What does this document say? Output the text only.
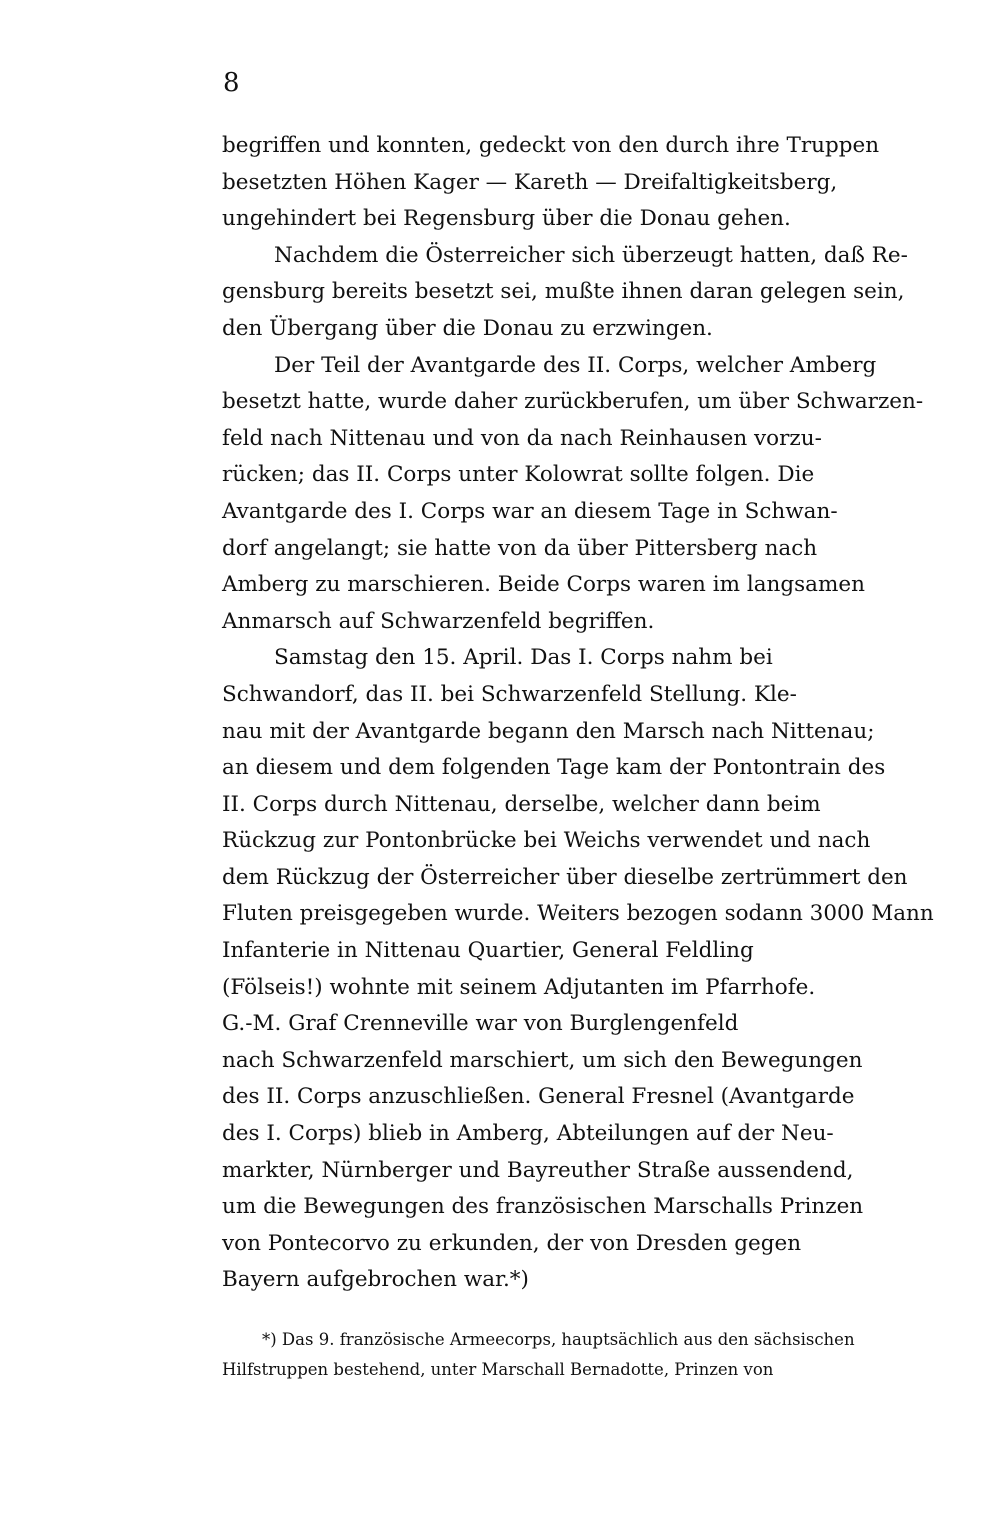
8
begriffen und konnten, gedeckt von den durch ihre Truppen
besetzten Höhen Kager — Kareth — Dreifaltigkeitsberg,
ungehindert bei Regensburg über die Donau gehen.
Nachdem die Österreicher sich überzeugt hatten, daß Re-
gensburg bereits besetzt sei, mußte ihnen daran gelegen sein,
den Übergang über die Donau zu erzwingen.
Der Teil der Avantgarde des II. Corps, welcher Amberg
besetzt hatte, wurde daher zurückberufen, um über Schwarzen-
feld nach Nittenau und von da nach Reinhausen vorzu-
rücken; das II. Corps unter Kolowrat sollte folgen. Die
Avantgarde des I. Corps war an diesem Tage in Schwan-
dorf angelangt; sie hatte von da über Pittersberg nach
Amberg zu marschieren. Beide Corps waren im langsamen
Anmarsch auf Schwarzenfeld begriffen.
Samstag den 15. April. Das I. Corps nahm bei
Schwandorf, das II. bei Schwarzenfeld Stellung. Kle-
nau mit der Avantgarde begann den Marsch nach Nittenau;
an diesem und dem folgenden Tage kam der Pontontrain des
II. Corps durch Nittenau, derselbe, welcher dann beim
Rückzug zur Pontonbrücke bei Weichs verwendet und nach
dem Rückzug der Österreicher über dieselbe zertrümmert den
Fluten preisgegeben wurde. Weiters bezogen sodann 3000 Mann
Infanterie in Nittenau Quartier, General Feldling
(Fölseis!) wohnte mit seinem Adjutanten im Pfarrhofe.
G.-M. Graf Crenneville war von Burglengenfeld
nach Schwarzenfeld marschiert, um sich den Bewegungen
des II. Corps anzuschließen. General Fresnel (Avantgarde
des I. Corps) blieb in Amberg, Abteilungen auf der Neu-
markter, Nürnberger und Bayreuther Straße aussendend,
um die Bewegungen des französischen Marschalls Prinzen
von Pontecorvo zu erkunden, der von Dresden gegen
Bayern aufgebrochen war.*)
*) Das 9. französische Armeecorps, hauptsächlich aus den sächsischen
Hilfstruppen bestehend, unter Marschall Bernadotte, Prinzen von
